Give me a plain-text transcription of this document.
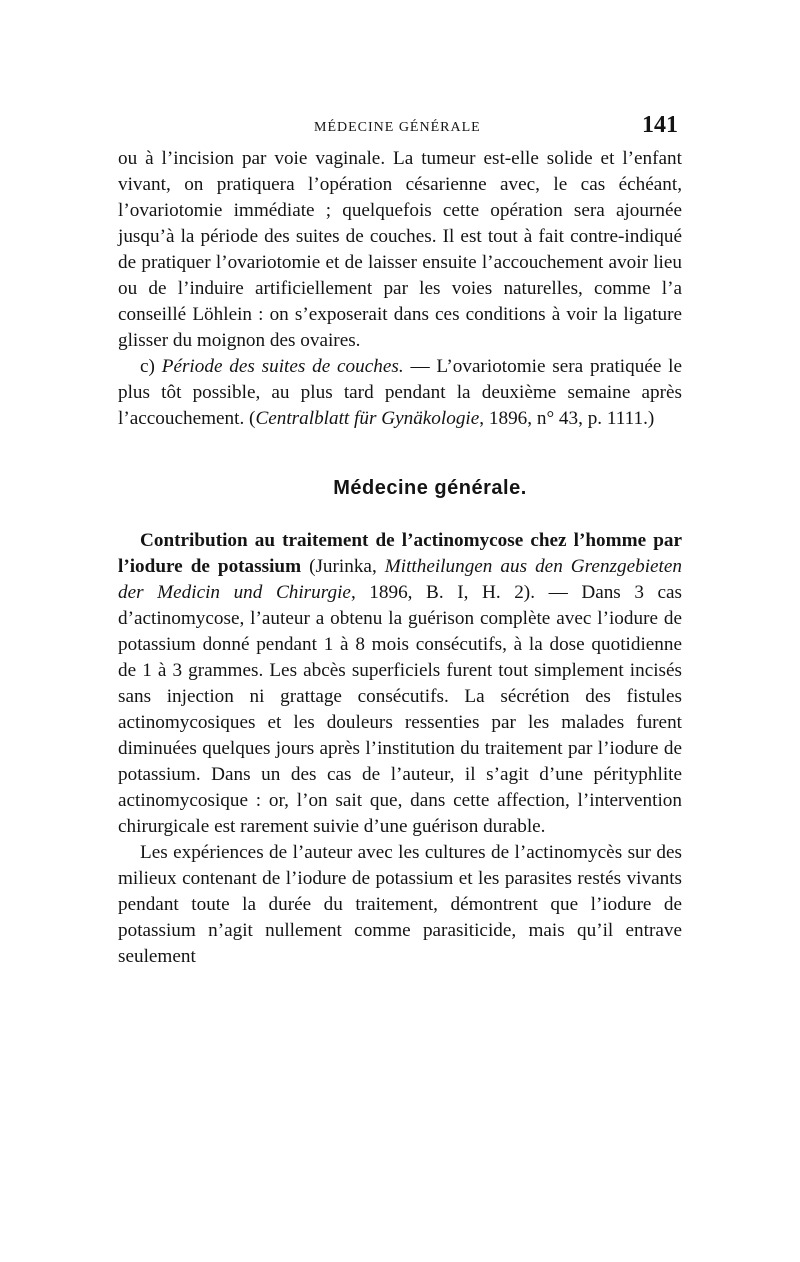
MÉDECINE GÉNÉRALE	141

ou à l’incision par voie vaginale. La tumeur est-elle solide et l’enfant vivant, on pratiquera l’opération césarienne avec, le cas échéant, l’ovariotomie immédiate ; quelquefois cette opération sera ajournée jusqu’à la période des suites de couches. Il est tout à fait contre-indiqué de pratiquer l’ovariotomie et de laisser ensuite l’accouchement avoir lieu ou de l’induire artificiellement par les voies naturelles, comme l’a conseillé Löhlein : on s’exposerait dans ces conditions à voir la ligature glisser du moignon des ovaires.

c) Période des suites de couches. — L’ovariotomie sera pratiquée le plus tôt possible, au plus tard pendant la deuxième semaine après l’accouchement. (Centralblatt für Gynäkologie, 1896, n° 43, p. 1111.)

Médecine générale.

Contribution au traitement de l’actinomycose chez l’homme par l’iodure de potassium (Jurinka, Mittheilungen aus den Grenzgebieten der Medicin und Chirurgie, 1896, B. I, H. 2). — Dans 3 cas d’actinomycose, l’auteur a obtenu la guérison complète avec l’iodure de potassium donné pendant 1 à 8 mois consécutifs, à la dose quotidienne de 1 à 3 grammes. Les abcès superficiels furent tout simplement incisés sans injection ni grattage consécutifs. La sécrétion des fistules actinomycosiques et les douleurs ressenties par les malades furent diminuées quelques jours après l’institution du traitement par l’iodure de potassium. Dans un des cas de l’auteur, il s’agit d’une pérityphlite actinomycosique : or, l’on sait que, dans cette affection, l’intervention chirurgicale est rarement suivie d’une guérison durable.

Les expériences de l’auteur avec les cultures de l’actinomycès sur des milieux contenant de l’iodure de potassium et les parasites restés vivants pendant toute la durée du traitement, démontrent que l’iodure de potassium n’agit nullement comme parasiticide, mais qu’il entrave seulement
